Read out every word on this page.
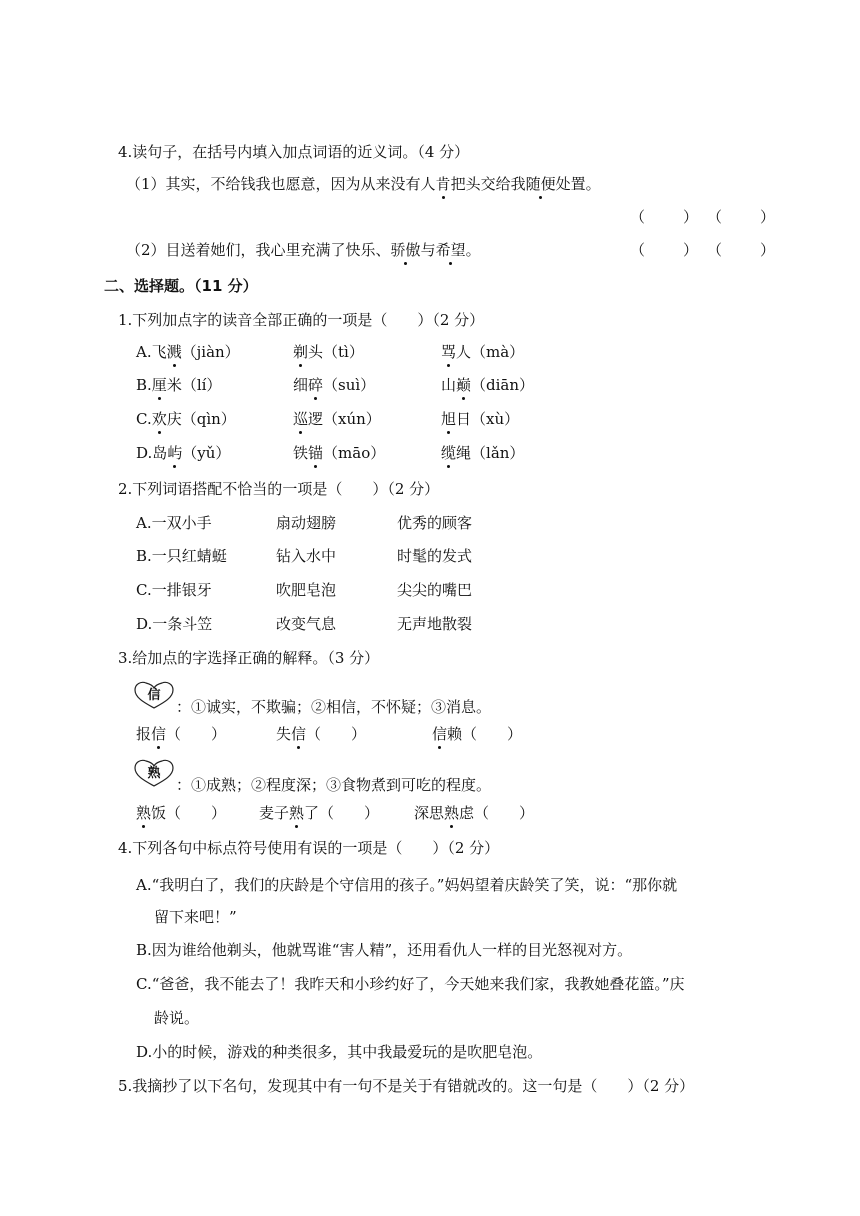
4.读句子，在括号内填入加点词语的近义词。（4 分）
（1）其实，不给钱我也愿意，因为从来没有人肯把头交给我随便处置。
（	） （	）
（2）目送着她们，我心里充满了快乐、骄傲与希望。	（	） （	）
二、选择题。（11 分）
1.下列加点字的读音全部正确的一项是（　　）（2 分）
A.飞溅（jiàn）	剃头（tì）	骂人（mà）
B.厘米（lí）	细碎（suì）	山巅（diān）
C.欢庆（qìn）	巡逻（xún）	旭日（xù）
D.岛屿（yǔ）	铁锚（māo）	缆绳（lǎn）
2.下列词语搭配不恰当的一项是（　　）（2 分）
A.一双小手	扇动翅膀	优秀的顾客
B.一只红蜻蜓	钻入水中	时髦的发式
C.一排银牙	吹肥皂泡	尖尖的嘴巴
D.一条斗笠	改变气息	无声地散裂
3.给加点的字选择正确的解释。（3 分）
信
：①诚实，不欺骗；②相信，不怀疑；③消息。
报信（　　）	失信（　　）	信赖（　　）
熟
：①成熟；②程度深；③食物煮到可吃的程度。
熟饭（　　） 麦子熟了（　　） 深思熟虑（　　）
4.下列各句中标点符号使用有误的一项是（　　）（2 分）
A.“我明白了，我们的庆龄是个守信用的孩子。”妈妈望着庆龄笑了笑，说：“那你就
留下来吧！”
B.因为谁给他剃头，他就骂谁“害人精”，还用看仇人一样的目光怒视对方。
C.“爸爸，我不能去了！我昨天和小珍约好了，今天她来我们家，我教她叠花篮。”庆
龄说。
D.小的时候，游戏的种类很多，其中我最爱玩的是吹肥皂泡。
5.我摘抄了以下名句，发现其中有一句不是关于有错就改的。这一句是（　　）（2 分）
